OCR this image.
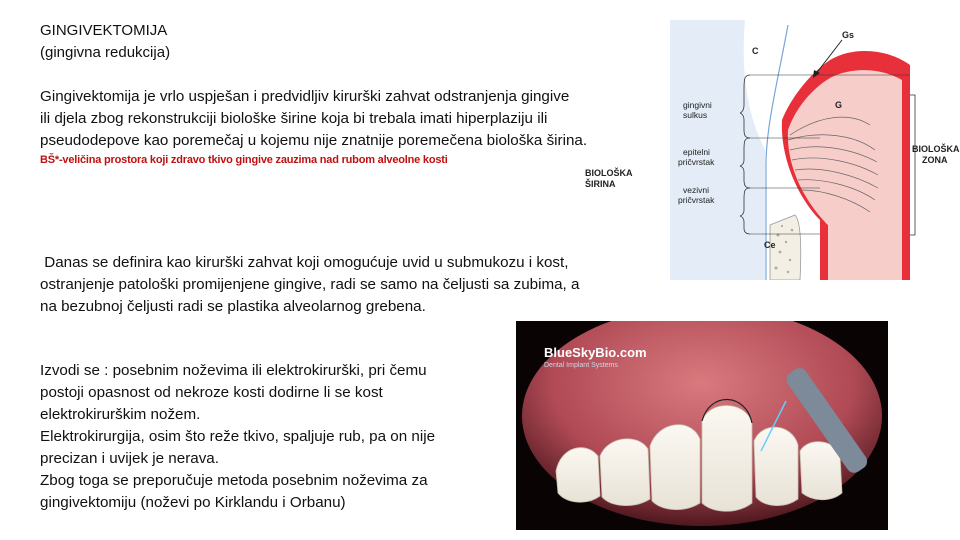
GINGIVEKTOMIJA
(gingivna redukcija)
Gingivektomija je vrlo uspješan i predvidljiv kirurški zahvat odstranjenja gingive
ili djela zbog rekonstrukciji biološke širine koja bi trebala imati hiperplaziju ili
pseudodepove kao poremečaj u kojemu nije znatnije poremečena biološka širina.
BŠ*-veličina prostora koji zdravo tkivo gingive zauzima nad rubom alveolne kosti
BIOLOŠKA
ŠIRINA
Danas se definira kao kirurški zahvat koji omogućuje uvid u submukozu i kost,
ostranjenje patološki promijenjene gingive, radi se samo na čeljusti sa zubima, a
na bezubnoj čeljusti radi se plastika alveolarnog grebena.
Izvodi se : posebnim noževima ili elektrokirurški, pri čemu
postoji opasnost od nekroze kosti dodirne li se kost
elektrokirurškim nožem.
Elektrokirurgija, osim što reže tkivo, spaljuje rub, pa on nije
precizan i uvijek je nerava.
Zbog toga se preporučuje metoda posebnim noževima za
gingivektomiju (noževi po Kirklandu i Orbanu)
Gs
C
G
Ce
gingivni
sulkus
epitelni
pričvrstak
vezivni
pričvrstak
BIOLOŠKA
ZONA
BlueSkyBio.com
Dental Implant Systems
